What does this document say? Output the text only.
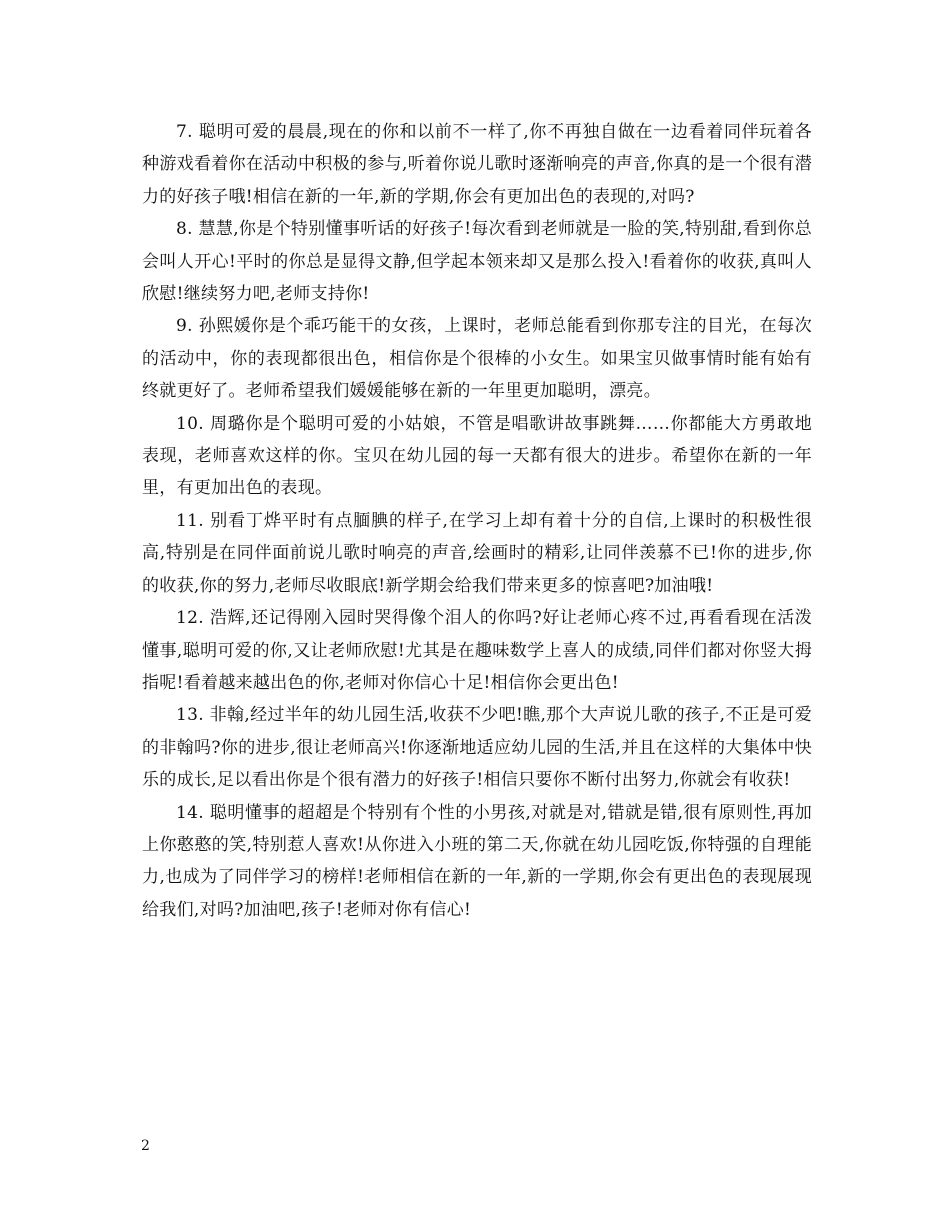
7. 聪明可爱的晨晨,现在的你和以前不一样了,你不再独自做在一边看着同伴玩着各种游戏看着你在活动中积极的参与,听着你说儿歌时逐渐响亮的声音,你真的是一个很有潜力的好孩子哦!相信在新的一年,新的学期,你会有更加出色的表现的,对吗?

8. 慧慧,你是个特别懂事听话的好孩子!每次看到老师就是一脸的笑,特别甜,看到你总会叫人开心!平时的你总是显得文静,但学起本领来却又是那么投入!看着你的收获,真叫人欣慰!继续努力吧,老师支持你!

9. 孙熙媛你是个乖巧能干的女孩，上课时，老师总能看到你那专注的目光，在每次的活动中，你的表现都很出色，相信你是个很棒的小女生。如果宝贝做事情时能有始有终就更好了。老师希望我们媛媛能够在新的一年里更加聪明，漂亮。

10. 周璐你是个聪明可爱的小姑娘，不管是唱歌讲故事跳舞……你都能大方勇敢地表现，老师喜欢这样的你。宝贝在幼儿园的每一天都有很大的进步。希望你在新的一年里，有更加出色的表现。

11. 别看丁烨平时有点腼腆的样子,在学习上却有着十分的自信,上课时的积极性很高,特别是在同伴面前说儿歌时响亮的声音,绘画时的精彩,让同伴羡慕不已!你的进步,你的收获,你的努力,老师尽收眼底!新学期会给我们带来更多的惊喜吧?加油哦!

12. 浩辉,还记得刚入园时哭得像个泪人的你吗?好让老师心疼不过,再看看现在活泼懂事,聪明可爱的你,又让老师欣慰!尤其是在趣味数学上喜人的成绩,同伴们都对你竖大拇指呢!看着越来越出色的你,老师对你信心十足!相信你会更出色!

13. 非翰,经过半年的幼儿园生活,收获不少吧!瞧,那个大声说儿歌的孩子,不正是可爱的非翰吗?你的进步,很让老师高兴!你逐渐地适应幼儿园的生活,并且在这样的大集体中快乐的成长,足以看出你是个很有潜力的好孩子!相信只要你不断付出努力,你就会有收获!

14. 聪明懂事的超超是个特别有个性的小男孩,对就是对,错就是错,很有原则性,再加上你憨憨的笑,特别惹人喜欢!从你进入小班的第二天,你就在幼儿园吃饭,你特强的自理能力,也成为了同伴学习的榜样!老师相信在新的一年,新的一学期,你会有更出色的表现展现给我们,对吗?加油吧,孩子!老师对你有信心!

2
